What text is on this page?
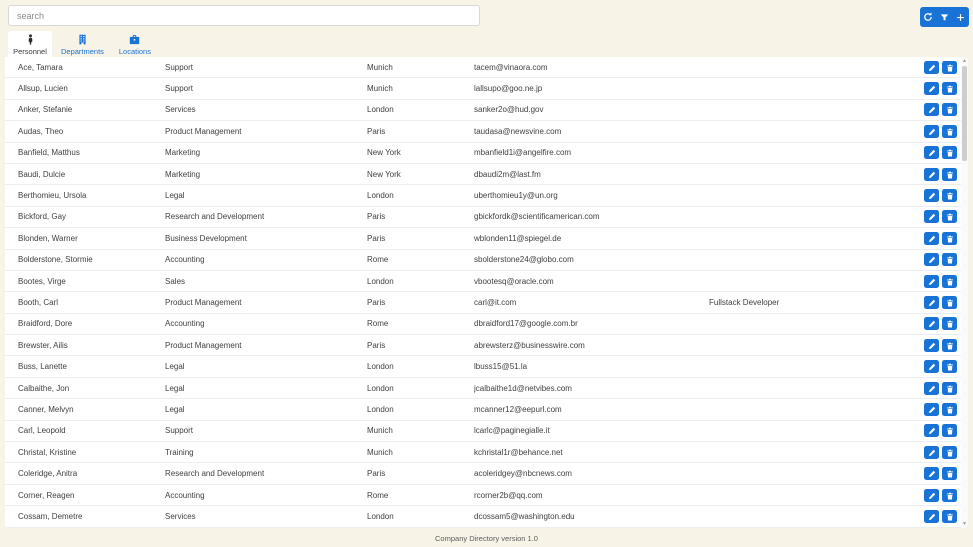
search
Personnel Departments Locations
Ace, Tamara	Support	Munich	tacem@vinaora.com
Allsup, Lucien	Support	Munich	lallsupo@goo.ne.jp
Anker, Stefanie	Services	London	sanker2o@hud.gov
Audas, Theo	Product Management	Paris	taudasa@newsvine.com
Banfield, Matthus	Marketing	New York	mbanfield1i@angelfire.com
Baudi, Dulcie	Marketing	New York	dbaudi2m@last.fm
Berthomieu, Ursola	Legal	London	uberthomieu1y@un.org
Bickford, Gay	Research and Development	Paris	gbickfordk@scientificamerican.com
Blonden, Warner	Business Development	Paris	wblonden11@spiegel.de
Bolderstone, Stormie	Accounting	Rome	sbolderstone24@globo.com
Bootes, Virge	Sales	London	vbootesq@oracle.com
Booth, Carl	Product Management	Paris	carl@it.com	Fullstack Developer
Braidford, Dore	Accounting	Rome	dbraidford17@google.com.br
Brewster, Ailis	Product Management	Paris	abrewsterz@businesswire.com
Buss, Lanette	Legal	London	lbuss15@51.la
Calbaithe, Jon	Legal	London	jcalbaithe1d@netvibes.com
Canner, Melvyn	Legal	London	mcanner12@eepurl.com
Carl, Leopold	Support	Munich	lcarlc@paginegialle.it
Christal, Kristine	Training	Munich	kchristal1r@behance.net
Coleridge, Anitra	Research and Development	Paris	acoleridgey@nbcnews.com
Corner, Reagen	Accounting	Rome	rcorner2b@qq.com
Cossam, Demetre	Services	London	dcossam5@washington.edu
▲
▼
Company Directory version 1.0
